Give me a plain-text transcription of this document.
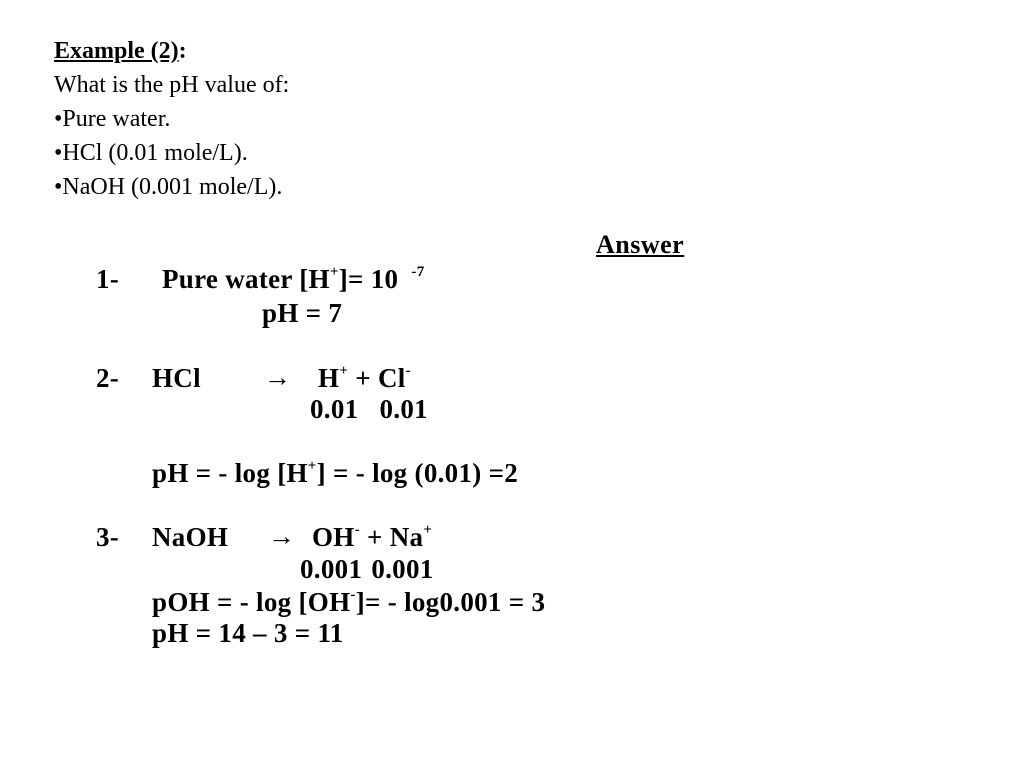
Example (2):
What is the pH value of:
•Pure water.
•HCl (0.01 mole/L).
•NaOH (0.001 mole/L).
Answer
1- Pure water [H+]= 10 $^{-7}$
pH = 7
2- HCl → H+ + Cl-
0.01 0.01
pH = - log [H+] = - log (0.01) =2
3- NaOH → OH- + Na+
0.001 0.001
pOH = - log [OH-]= - log0.001 = 3
pH = 14 – 3 = 11
